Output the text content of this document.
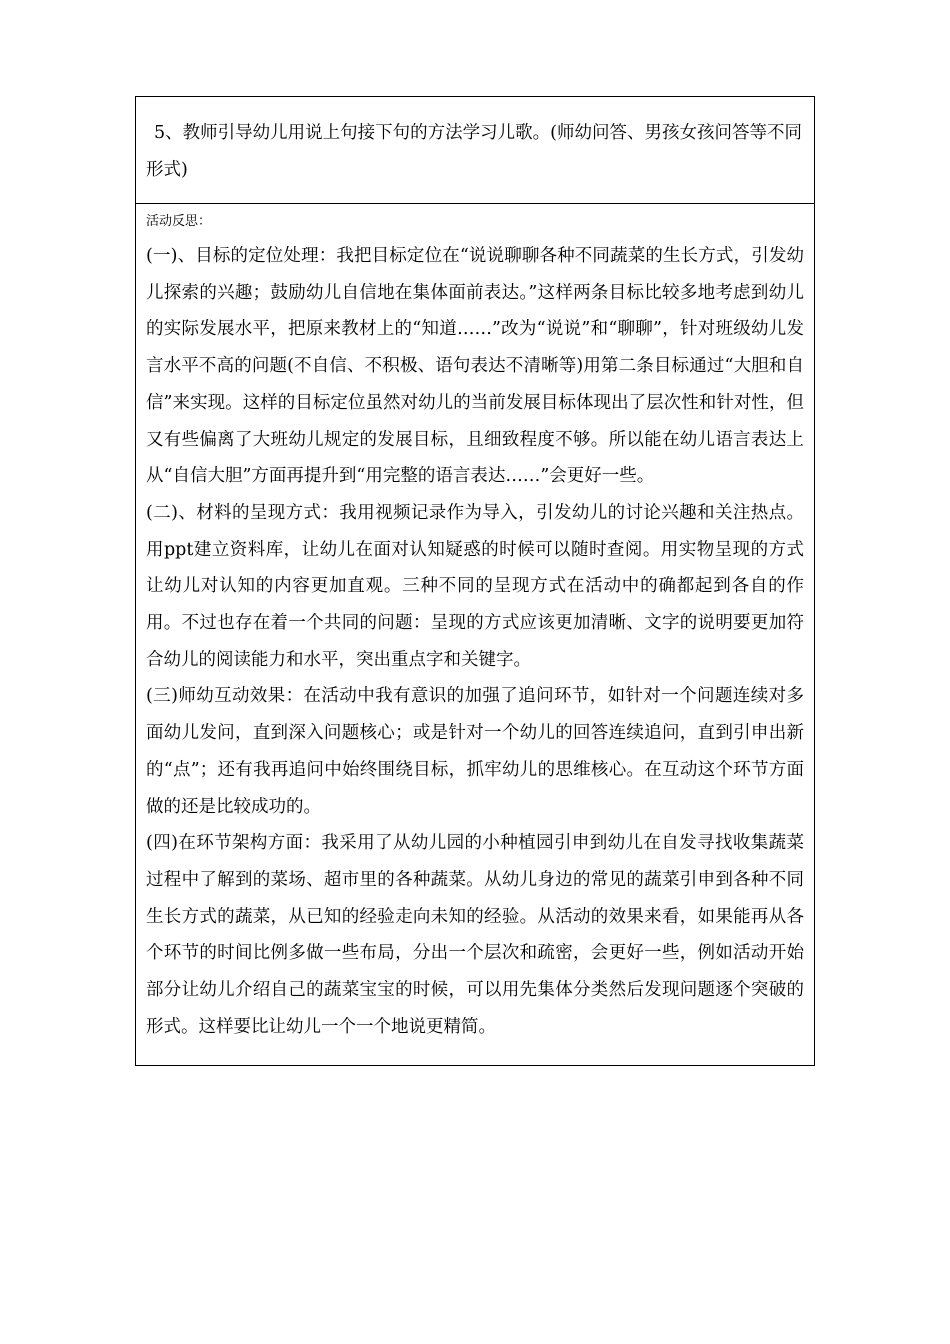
5、教师引导幼儿用说上句接下句的方法学习儿歌。(师幼问答、男孩女孩问答等不同形式)

活动反思：

(一)、目标的定位处理：我把目标定位在“说说聊聊各种不同蔬菜的生长方式，引发幼儿探索的兴趣；鼓励幼儿自信地在集体面前表达。”这样两条目标比较多地考虑到幼儿的实际发展水平，把原来教材上的“知道……”改为“说说”和“聊聊”，针对班级幼儿发言水平不高的问题(不自信、不积极、语句表达不清晰等)用第二条目标通过“大胆和自信”来实现。这样的目标定位虽然对幼儿的当前发展目标体现出了层次性和针对性，但又有些偏离了大班幼儿规定的发展目标，且细致程度不够。所以能在幼儿语言表达上从“自信大胆”方面再提升到“用完整的语言表达……”会更好一些。

(二)、材料的呈现方式：我用视频记录作为导入，引发幼儿的讨论兴趣和关注热点。用ppt建立资料库，让幼儿在面对认知疑惑的时候可以随时查阅。用实物呈现的方式让幼儿对认知的内容更加直观。三种不同的呈现方式在活动中的确都起到各自的作用。不过也存在着一个共同的问题：呈现的方式应该更加清晰、文字的说明要更加符合幼儿的阅读能力和水平，突出重点字和关键字。

(三)师幼互动效果：在活动中我有意识的加强了追问环节，如针对一个问题连续对多面幼儿发问，直到深入问题核心；或是针对一个幼儿的回答连续追问，直到引申出新的“点”；还有我再追问中始终围绕目标，抓牢幼儿的思维核心。在互动这个环节方面做的还是比较成功的。

(四)在环节架构方面：我采用了从幼儿园的小种植园引申到幼儿在自发寻找收集蔬菜过程中了解到的菜场、超市里的各种蔬菜。从幼儿身边的常见的蔬菜引申到各种不同生长方式的蔬菜，从已知的经验走向未知的经验。从活动的效果来看，如果能再从各个环节的时间比例多做一些布局，分出一个层次和疏密，会更好一些，例如活动开始部分让幼儿介绍自己的蔬菜宝宝的时候，可以用先集体分类然后发现问题逐个突破的形式。这样要比让幼儿一个一个地说更精简。
